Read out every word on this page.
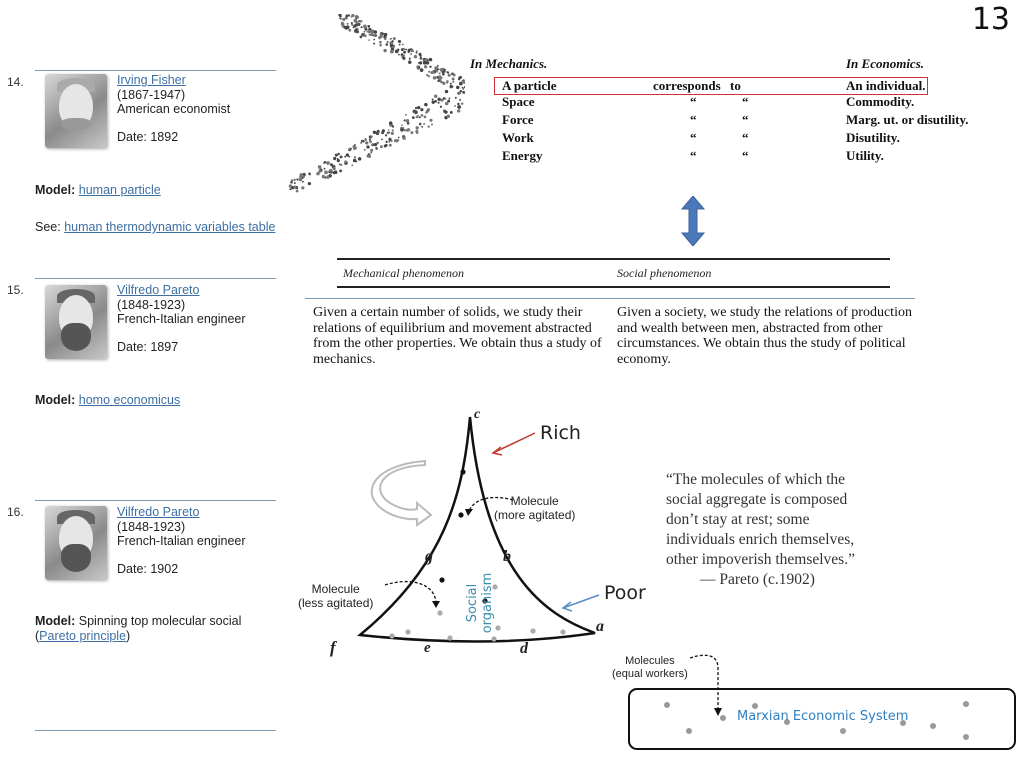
13
14.	Irving Fisher
(1867-1947)
American economist
Date: 1892
Model: human particle
See: human thermodynamic variables table
15.	Vilfredo Pareto
(1848-1923)
French-Italian engineer
Date: 1897
Model: homo economicus
16.	Vilfredo Pareto
(1848-1923)
French-Italian engineer
Date: 1902
Model: Spinning top molecular social
(Pareto principle)
In Mechanics.	In Economics.
A particle	corresponds to	An individual.
Space	“	“	Commodity.
Force	“	“	Marg. ut. or disutility.
Work	“	“	Disutility.
Energy	“	“	Utility.
Mechanical phenomenon	Social phenomenon
Given a certain number of solids, we study their relations of equilibrium and movement abstracted from the other properties. We obtain thus a study of mechanics.
Given a society, we study the relations of production and wealth between men, abstracted from other circumstances. We obtain thus the study of political economy.
c
g	b
f	e	d
a
Rich
Poor
Social organism
Molecule
(more agitated)
Molecule
(less agitated)
“The molecules of which the
social aggregate is composed
don’t stay at rest; some
individuals enrich themselves,
other impoverish themselves.”
— Pareto (c.1902)
Molecules
(equal workers)
Marxian Economic System
